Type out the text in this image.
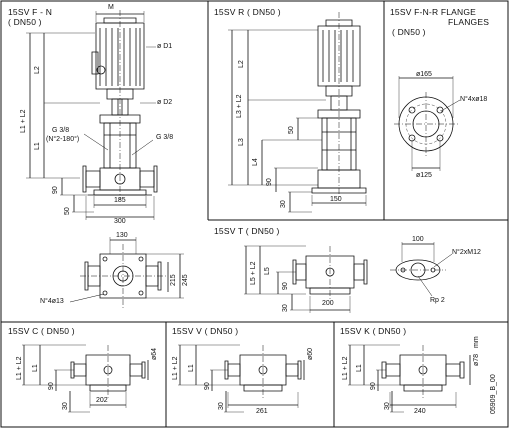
15SV F - N
( DN50 )
15SV R ( DN50 )	15SV F-N-R FLANGE
FLANGES
( DN50 )
15SV T ( DN50 )
15SV C ( DN50 )	15SV V ( DN50 )	15SV K ( DN50 )
M
ø D1
ø D2
L1 + L2
L2
L1
G 3/8
(N°2-180°)	G 3/8
90
50
185
300
130
215 245
N°4ø13
L3 + L2
L2
L3
L4
90
30
50
150
ø165
N°4xø18
ø125
L5 + L2 L5
90
30
200
100
N°2xM12
Rp 2
L1 + L2 L1
90
30
202
ø64
L1 + L2 L1
90
30
261
ø60
L1 + L2 L1
90
30
240
ø78
mm
05909_B_00
